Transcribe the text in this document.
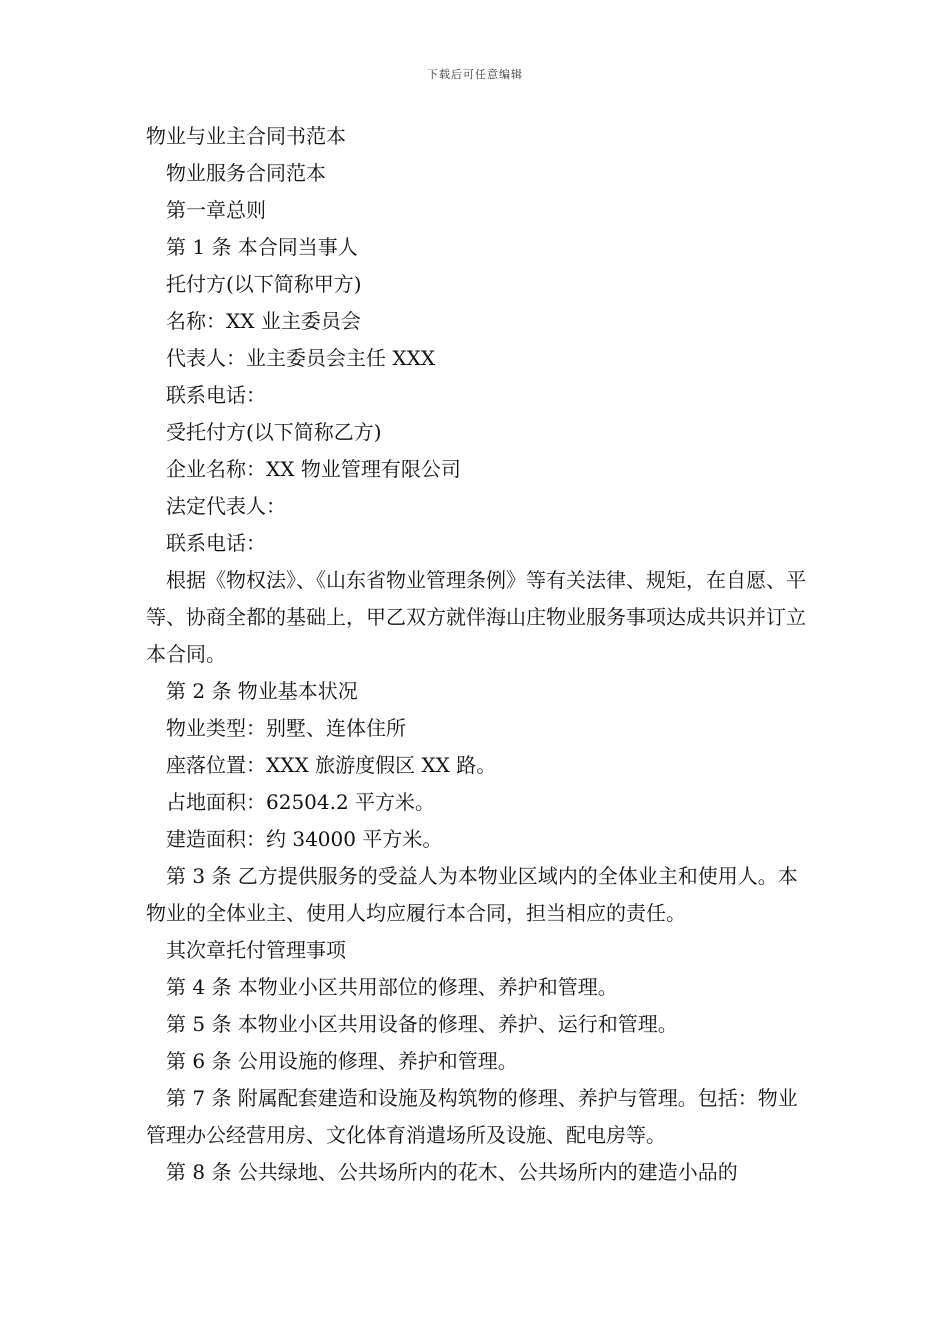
下载后可任意编辑

物业与业主合同书范本

物业服务合同范本

第一章总则

第 1 条 本合同当事人

托付方(以下简称甲方)

名称：XX 业主委员会

代表人：业主委员会主任 XXX

联系电话：

受托付方(以下简称乙方)

企业名称：XX 物业管理有限公司

法定代表人：

联系电话：

根据《物权法》、《山东省物业管理条例》等有关法律、规矩，在自愿、平等、协商全都的基础上，甲乙双方就伴海山庄物业服务事项达成共识并订立本合同。

第 2 条 物业基本状况

物业类型：别墅、连体住所

座落位置：XXX 旅游度假区 XX 路。

占地面积：62504.2 平方米。

建造面积：约 34000 平方米。

第 3 条 乙方提供服务的受益人为本物业区域内的全体业主和使用人。本物业的全体业主、使用人均应履行本合同，担当相应的责任。

其次章托付管理事项

第 4 条 本物业小区共用部位的修理、养护和管理。

第 5 条 本物业小区共用设备的修理、养护、运行和管理。

第 6 条 公用设施的修理、养护和管理。

第 7 条 附属配套建造和设施及构筑物的修理、养护与管理。包括：物业管理办公经营用房、文化体育消遣场所及设施、配电房等。

第 8 条 公共绿地、公共场所内的花木、公共场所内的建造小品的
